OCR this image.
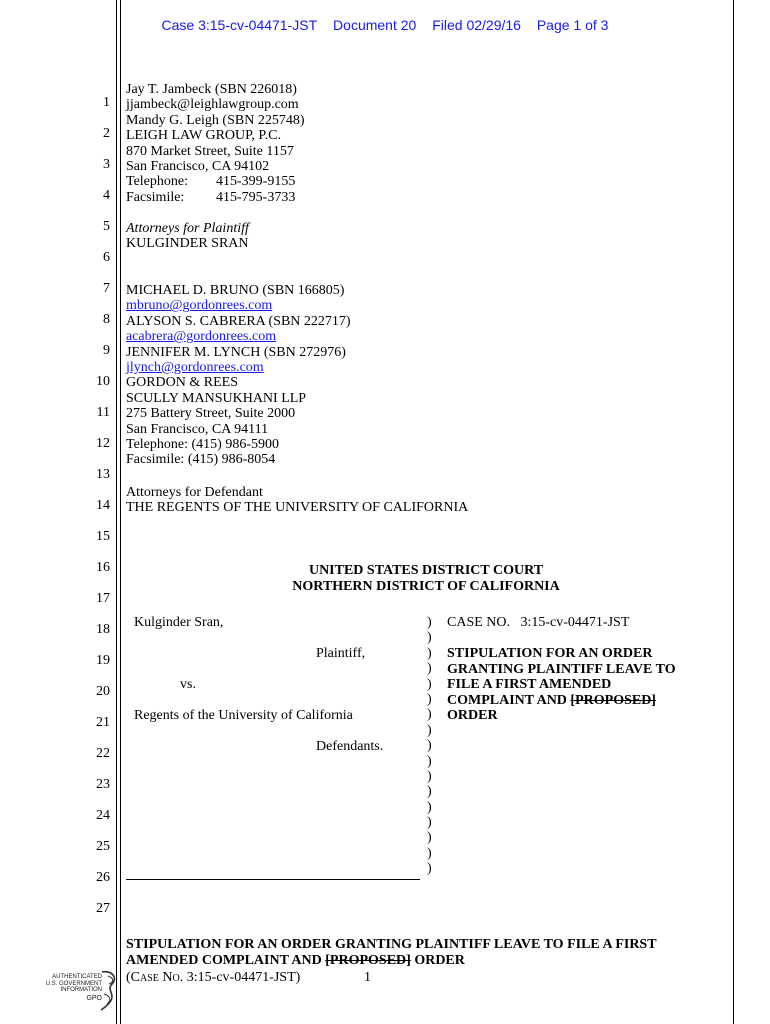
Case 3:15-cv-04471-JST Document 20 Filed 02/29/16 Page 1 of 3
1
2
3
4
5
6
7
8
9
10
11
12
13
14
15
16
17
18
19
20
21
22
23
24
25
26
27
Jay T. Jambeck (SBN 226018)
jjambeck@leighlawgroup.com
Mandy G. Leigh (SBN 225748)
LEIGH LAW GROUP, P.C.
870 Market Street, Suite 1157
San Francisco, CA 94102
Telephone: 415-399-9155
Facsimile: 415-795-3733
Attorneys for Plaintiff
KULGINDER SRAN
MICHAEL D. BRUNO (SBN 166805)
mbruno@gordonrees.com
ALYSON S. CABRERA (SBN 222717)
acabrera@gordonrees.com
JENNIFER M. LYNCH (SBN 272976)
jlynch@gordonrees.com
GORDON & REES
SCULLY MANSUKHANI LLP
275 Battery Street, Suite 2000
San Francisco, CA 94111
Telephone: (415) 986-5900
Facsimile: (415) 986-8054
Attorneys for Defendant
THE REGENTS OF THE UNIVERSITY OF CALIFORNIA
UNITED STATES DISTRICT COURT
NORTHERN DISTRICT OF CALIFORNIA
Kulginder Sran,
Plaintiff,
vs.
Regents of the University of California
Defendants.
)
)
)
)
)
)
)
)
)
)
)
)
)
)
)
)
)
CASE NO.   3:15-cv-04471-JST
STIPULATION FOR AN ORDER
GRANTING PLAINTIFF LEAVE TO
FILE A FIRST AMENDED
COMPLAINT AND [PROPOSED]
ORDER
STIPULATION FOR AN ORDER GRANTING PLAINTIFF LEAVE TO FILE A FIRST
AMENDED COMPLAINT AND [PROPOSED] ORDER
(CASE NO. 3:15-cv-04471-JST)	1
AUTHENTICATED
U.S. GOVERNMENT
INFORMATION
GPO
